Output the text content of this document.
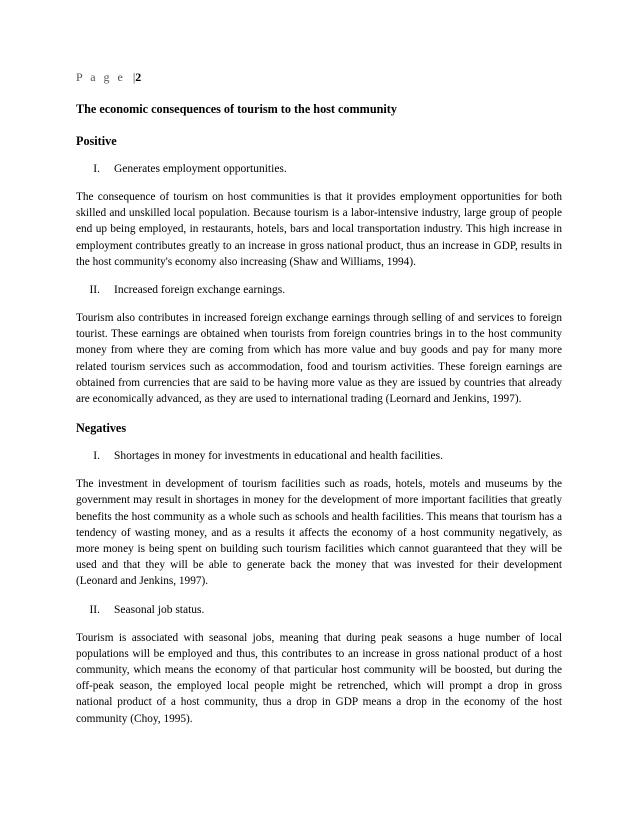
P a g e |2
The economic consequences of tourism to the host community
Positive
I.	Generates employment opportunities.

The consequence of tourism on host communities is that it provides employment opportunities for both skilled and unskilled local population. Because tourism is a labor-intensive industry, large group of people end up being employed, in restaurants, hotels, bars and local transportation industry. This high increase in employment contributes greatly to an increase in gross national product, thus an increase in GDP, results in the host community's economy also increasing (Shaw and Williams, 1994).

II.	Increased foreign exchange earnings.

Tourism also contributes in increased foreign exchange earnings through selling of and services to foreign tourist. These earnings are obtained when tourists from foreign countries brings in to the host community money from where they are coming from which has more value and buy goods and pay for many more related tourism services such as accommodation, food and tourism activities. These foreign earnings are obtained from currencies that are said to be having more value as they are issued by countries that already are economically advanced, as they are used to international trading (Leornard and Jenkins, 1997).

Negatives
I.	Shortages in money for investments in educational and health facilities.

The investment in development of tourism facilities such as roads, hotels, motels and museums by the government may result in shortages in money for the development of more important facilities that greatly benefits the host community as a whole such as schools and health facilities. This means that tourism has a tendency of wasting money, and as a results it affects the economy of a host community negatively, as more money is being spent on building such tourism facilities which cannot guaranteed that they will be used and that they will be able to generate back the money that was invested for their development (Leonard and Jenkins, 1997).

II.	Seasonal job status.

Tourism is associated with seasonal jobs, meaning that during peak seasons a huge number of local populations will be employed and thus, this contributes to an increase in gross national product of a host community, which means the economy of that particular host community will be boosted, but during the off-peak season, the employed local people might be retrenched, which will prompt a drop in gross national product of a host community, thus a drop in GDP means a drop in the economy of the host community (Choy, 1995).
